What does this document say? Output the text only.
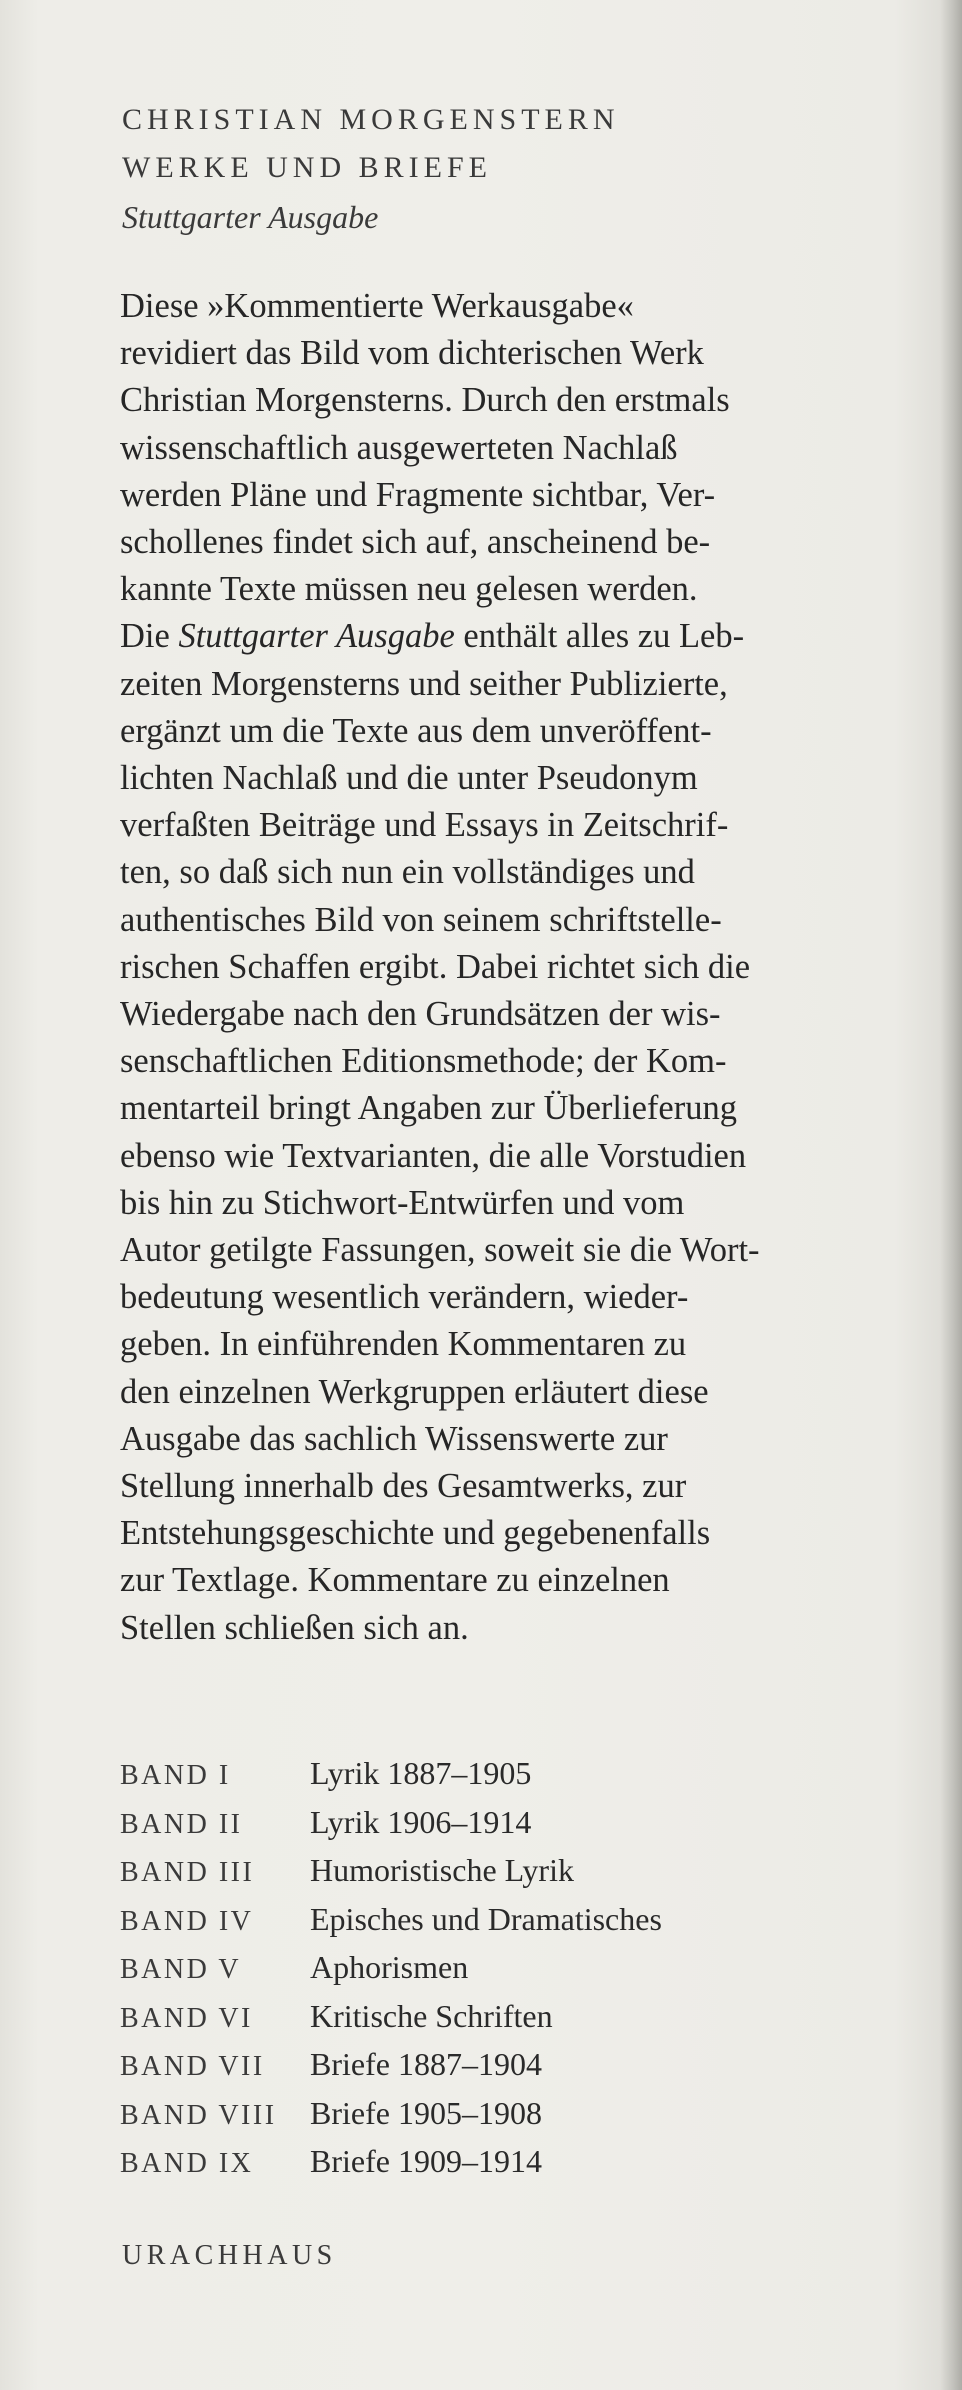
CHRISTIAN MORGENSTERN
WERKE UND BRIEFE
Stuttgarter Ausgabe
Diese »Kommentierte Werkausgabe«
revidiert das Bild vom dichterischen Werk
Christian Morgensterns. Durch den erstmals
wissenschaftlich ausgewerteten Nachlaß
werden Pläne und Fragmente sichtbar, Ver-
schollenes findet sich auf, anscheinend be-
kannte Texte müssen neu gelesen werden.
Die Stuttgarter Ausgabe enthält alles zu Leb-
zeiten Morgensterns und seither Publizierte,
ergänzt um die Texte aus dem unveröffent-
lichten Nachlaß und die unter Pseudonym
verfaßten Beiträge und Essays in Zeitschrif-
ten, so daß sich nun ein vollständiges und
authentisches Bild von seinem schriftstelle-
rischen Schaffen ergibt. Dabei richtet sich die
Wiedergabe nach den Grundsätzen der wis-
senschaftlichen Editionsmethode; der Kom-
mentarteil bringt Angaben zur Überlieferung
ebenso wie Textvarianten, die alle Vorstudien
bis hin zu Stichwort-Entwürfen und vom
Autor getilgte Fassungen, soweit sie die Wort-
bedeutung wesentlich verändern, wieder-
geben. In einführenden Kommentaren zu
den einzelnen Werkgruppen erläutert diese
Ausgabe das sachlich Wissenswerte zur
Stellung innerhalb des Gesamtwerks, zur
Entstehungsgeschichte und gegebenenfalls
zur Textlage. Kommentare zu einzelnen
Stellen schließen sich an.
BAND I	Lyrik 1887–1905
BAND II	Lyrik 1906–1914
BAND III	Humoristische Lyrik
BAND IV	Episches und Dramatisches
BAND V	Aphorismen
BAND VI	Kritische Schriften
BAND VII	Briefe 1887–1904
BAND VIII	Briefe 1905–1908
BAND IX	Briefe 1909–1914
URACHHAUS
